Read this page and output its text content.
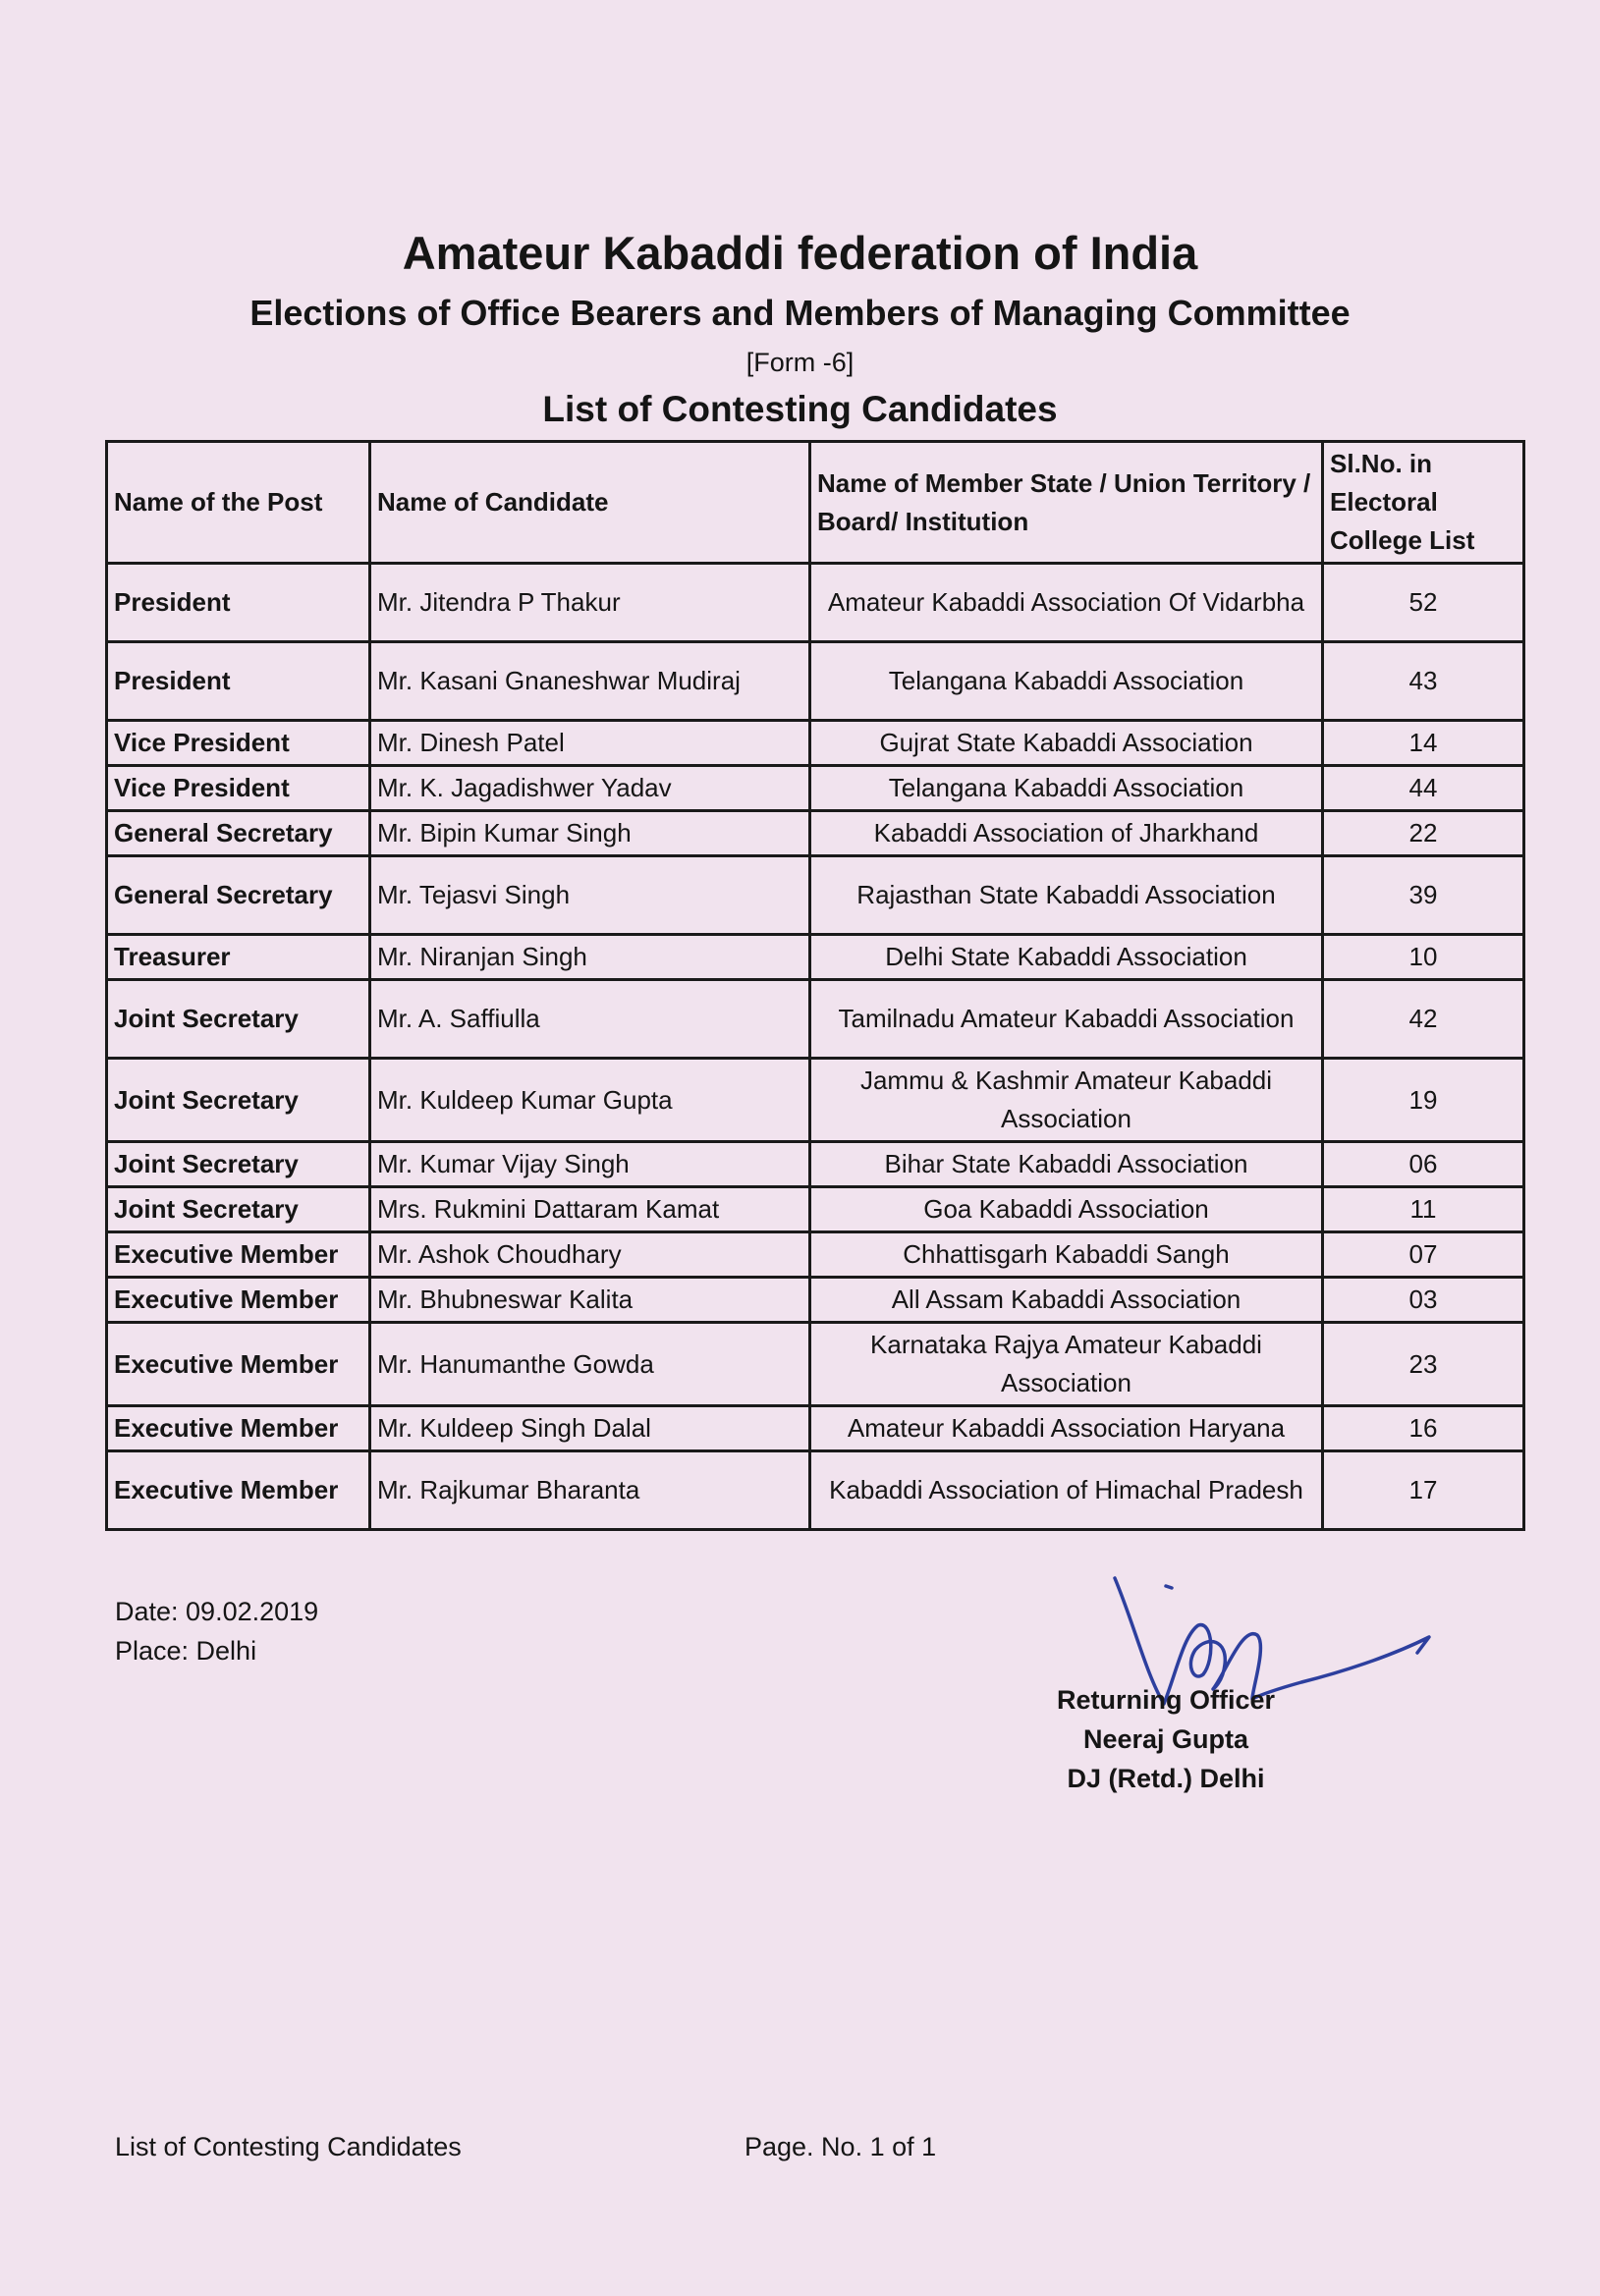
Amateur Kabaddi federation of India
Elections of Office Bearers and Members of Managing Committee
[Form -6]
List of Contesting Candidates
Name of the Post	Name of Candidate	Name of Member State / Union Territory / Board/ Institution	Sl.No. in Electoral College List
President	Mr. Jitendra P Thakur	Amateur Kabaddi Association Of Vidarbha	52
President	Mr. Kasani Gnaneshwar Mudiraj	Telangana Kabaddi Association	43
Vice President	Mr. Dinesh Patel	Gujrat State Kabaddi Association	14
Vice President	Mr. K. Jagadishwer Yadav	Telangana Kabaddi Association	44
General Secretary	Mr. Bipin Kumar Singh	Kabaddi Association of Jharkhand	22
General Secretary	Mr. Tejasvi Singh	Rajasthan State Kabaddi Association	39
Treasurer	Mr. Niranjan Singh	Delhi State Kabaddi Association	10
Joint Secretary	Mr. A. Saffiulla	Tamilnadu Amateur Kabaddi Association	42
Joint Secretary	Mr. Kuldeep Kumar Gupta	Jammu & Kashmir Amateur Kabaddi Association	19
Joint Secretary	Mr. Kumar Vijay Singh	Bihar State Kabaddi Association	06
Joint Secretary	Mrs. Rukmini Dattaram Kamat	Goa Kabaddi Association	11
Executive Member	Mr. Ashok Choudhary	Chhattisgarh Kabaddi Sangh	07
Executive Member	Mr. Bhubneswar Kalita	All Assam Kabaddi Association	03
Executive Member	Mr. Hanumanthe Gowda	Karnataka Rajya Amateur Kabaddi Association	23
Executive Member	Mr. Kuldeep Singh Dalal	Amateur Kabaddi Association Haryana	16
Executive Member	Mr. Rajkumar Bharanta	Kabaddi Association of Himachal Pradesh	17
Date: 09.02.2019
Place: Delhi
Returning Officer
Neeraj Gupta
DJ (Retd.) Delhi
List of Contesting Candidates	Page. No. 1 of 1
